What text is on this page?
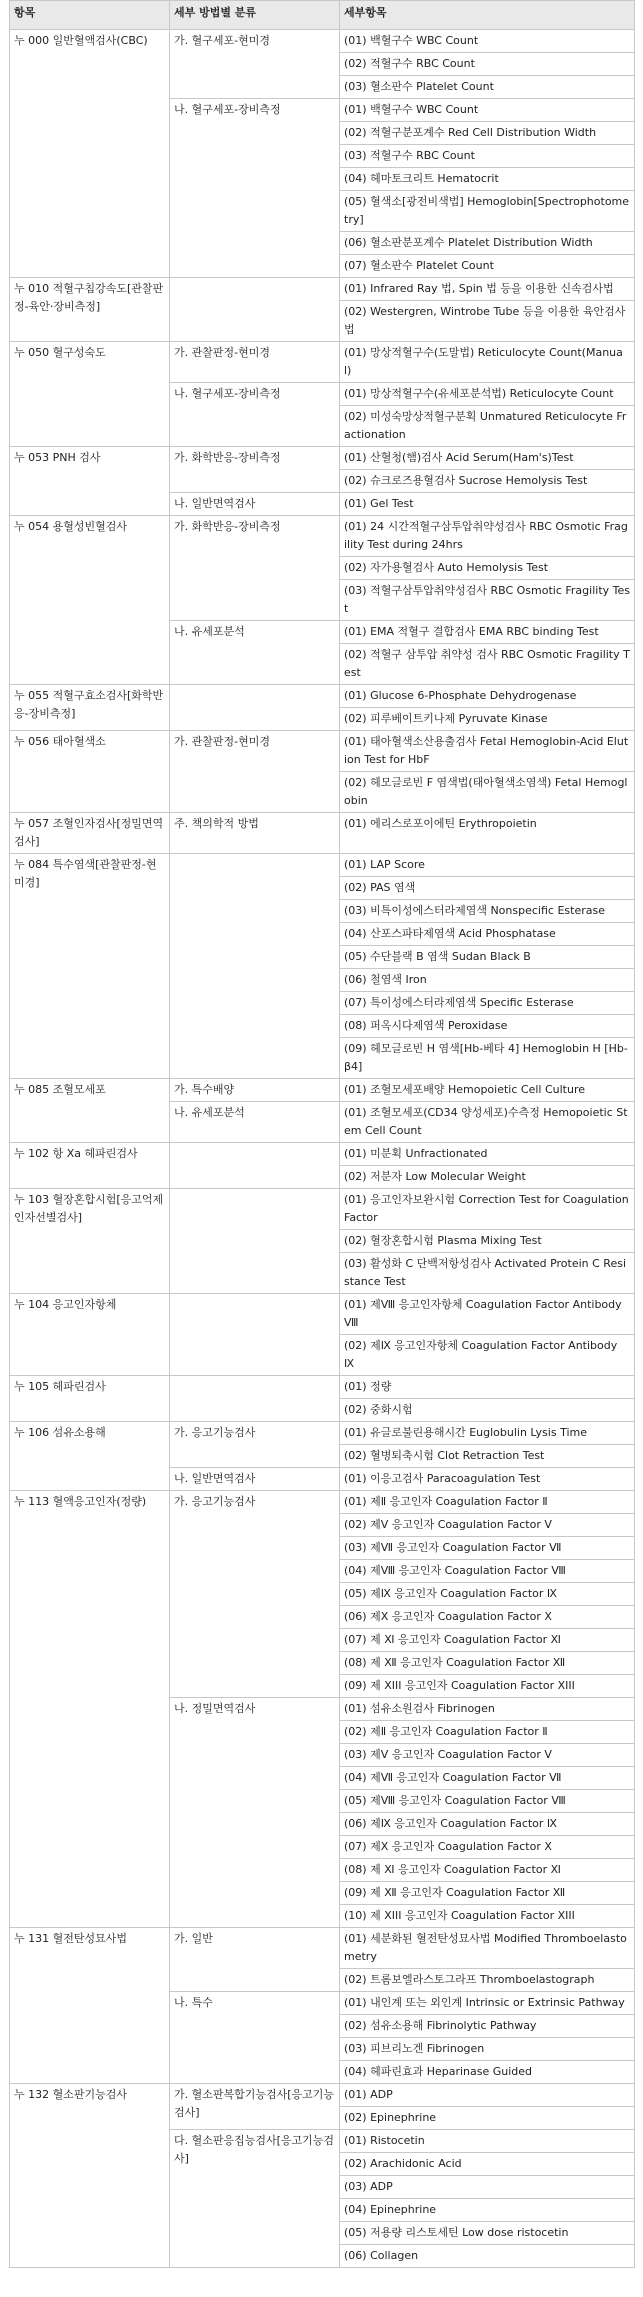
항목	세부 방법별 분류	세부항목
누 000 일반혈액검사(CBC)	가. 혈구세포-현미경	(01) 백혈구수 WBC Count
		(02) 적혈구수 RBC Count
		(03) 혈소판수 Platelet Count
	나. 혈구세포-장비측정	(01) 백혈구수 WBC Count
		(02) 적혈구분포계수 Red Cell Distribution Width
		(03) 적혈구수 RBC Count
		(04) 헤마토크리트 Hematocrit
		(05) 혈색소[광전비색법] Hemoglobin[Spectrophotometry]
		(06) 혈소판분포계수 Platelet Distribution Width
		(07) 혈소판수 Platelet Count
누 010 적혈구침강속도[관찰판정-육안·장비측정]		(01) Infrared Ray 법, Spin 법 등을 이용한 신속검사법
		(02) Westergren, Wintrobe Tube 등을 이용한 육안검사법
누 050 혈구성숙도	가. 관찰판정-현미경	(01) 망상적혈구수(도말법) Reticulocyte Count(Manual)
	나. 혈구세포-장비측정	(01) 망상적혈구수(유세포분석법) Reticulocyte Count
		(02) 미성숙망상적혈구분획 Unmatured Reticulocyte Fractionation
누 053 PNH 검사	가. 화학반응-장비측정	(01) 산혈청(햄)검사 Acid Serum(Ham's)Test
		(02) 슈크로즈용혈검사 Sucrose Hemolysis Test
	나. 일반면역검사	(01) Gel Test
누 054 용혈성빈혈검사	가. 화학반응-장비측정	(01) 24 시간적혈구삼투압취약성검사 RBC Osmotic Fragility Test during 24hrs
		(02) 자가용혈검사 Auto Hemolysis Test
		(03) 적혈구삼투압취약성검사 RBC Osmotic Fragility Test
	나. 유세포분석	(01) EMA 적혈구 결합검사 EMA RBC binding Test
		(02) 적혈구 삼투압 취약성 검사 RBC Osmotic Fragility Test
누 055 적혈구효소검사[화학반응-장비측정]		(01) Glucose 6-Phosphate Dehydrogenase
		(02) 피루베이트키나제 Pyruvate Kinase
누 056 태아혈색소	가. 관찰판정-현미경	(01) 태아혈색소산용출검사 Fetal Hemoglobin-Acid Elution Test for HbF
		(02) 헤모글로빈 F 염색법(태아혈색소염색) Fetal Hemoglobin
누 057 조혈인자검사[정밀면역검사]	주. 책의학적 방법	(01) 에리스로포이에틴 Erythropoietin
누 084 특수염색[관찰판정-현미경]		(01) LAP Score
		(02) PAS 염색
		(03) 비특이성에스터라제염색 Nonspecific Esterase
		(04) 산포스파타제염색 Acid Phosphatase
		(05) 수단블랙 B 염색 Sudan Black B
		(06) 철염색 Iron
		(07) 특이성에스터라제염색 Specific Esterase
		(08) 퍼옥시다제염색 Peroxidase
		(09) 헤모글로빈 H 염색[Hb-베타 4] Hemoglobin H [Hb-β4]
누 085 조혈모세포	가. 특수배양	(01) 조혈모세포배양 Hemopoietic Cell Culture
	나. 유세포분석	(01) 조혈모세포(CD34 양성세포)수측정 Hemopoietic Stem Cell Count
누 102 항 Xa 헤파린검사		(01) 미분획 Unfractionated
		(02) 저분자 Low Molecular Weight
누 103 혈장혼합시험[응고억제인자선별검사]		(01) 응고인자보완시험 Correction Test for Coagulation Factor
		(02) 혈장혼합시험 Plasma Mixing Test
		(03) 활성화 C 단백저항성검사 Activated Protein C Resistance Test
누 104 응고인자항체		(01) 제Ⅷ 응고인자항체 Coagulation Factor Antibody Ⅷ
		(02) 제Ⅸ 응고인자항체 Coagulation Factor Antibody Ⅸ
누 105 헤파린검사		(01) 정량
		(02) 중화시험
누 106 섬유소용해	가. 응고기능검사	(01) 유글로불린용해시간 Euglobulin Lysis Time
		(02) 혈병퇴축시험 Clot Retraction Test
	나. 일반면역검사	(01) 이응고검사 Paracoagulation Test
누 113 혈액응고인자(정량)	가. 응고기능검사	(01) 제Ⅱ 응고인자 Coagulation Factor Ⅱ
		(02) 제Ⅴ 응고인자 Coagulation Factor Ⅴ
		(03) 제Ⅶ 응고인자 Coagulation Factor Ⅶ
		(04) 제Ⅷ 응고인자 Coagulation Factor Ⅷ
		(05) 제Ⅸ 응고인자 Coagulation Factor Ⅸ
		(06) 제Ⅹ 응고인자 Coagulation Factor Ⅹ
		(07) 제 Ⅺ 응고인자 Coagulation Factor Ⅺ
		(08) 제 Ⅻ 응고인자 Coagulation Factor Ⅻ
		(09) 제 XIII 응고인자 Coagulation Factor XIII
	나. 정밀면역검사	(01) 섬유소원검사 Fibrinogen
		(02) 제Ⅱ 응고인자 Coagulation Factor Ⅱ
		(03) 제Ⅴ 응고인자 Coagulation Factor Ⅴ
		(04) 제Ⅶ 응고인자 Coagulation Factor Ⅶ
		(05) 제Ⅷ 응고인자 Coagulation Factor Ⅷ
		(06) 제Ⅸ 응고인자 Coagulation Factor Ⅸ
		(07) 제Ⅹ 응고인자 Coagulation Factor Ⅹ
		(08) 제 Ⅺ 응고인자 Coagulation Factor Ⅺ
		(09) 제 Ⅻ 응고인자 Coagulation Factor Ⅻ
		(10) 제 XIII 응고인자 Coagulation Factor XIII
누 131 혈전탄성묘사법	가. 일반	(01) 세분화된 혈전탄성묘사법 Modified Thromboelastometry
		(02) 트롬보엘라스토그라프 Thromboelastograph
	나. 특수	(01) 내인계 또는 외인계 Intrinsic or Extrinsic Pathway
		(02) 섬유소용해 Fibrinolytic Pathway
		(03) 피브리노겐 Fibrinogen
		(04) 헤파린효과 Heparinase Guided
누 132 혈소판기능검사	가. 혈소판복합기능검사[응고기능검사]	(01) ADP
		(02) Epinephrine
	다. 혈소판응집능검사[응고기능검사]	(01) Ristocetin
		(02) Arachidonic Acid
		(03) ADP
		(04) Epinephrine
		(05) 저용량 리스토세틴 Low dose ristocetin
		(06) Collagen
